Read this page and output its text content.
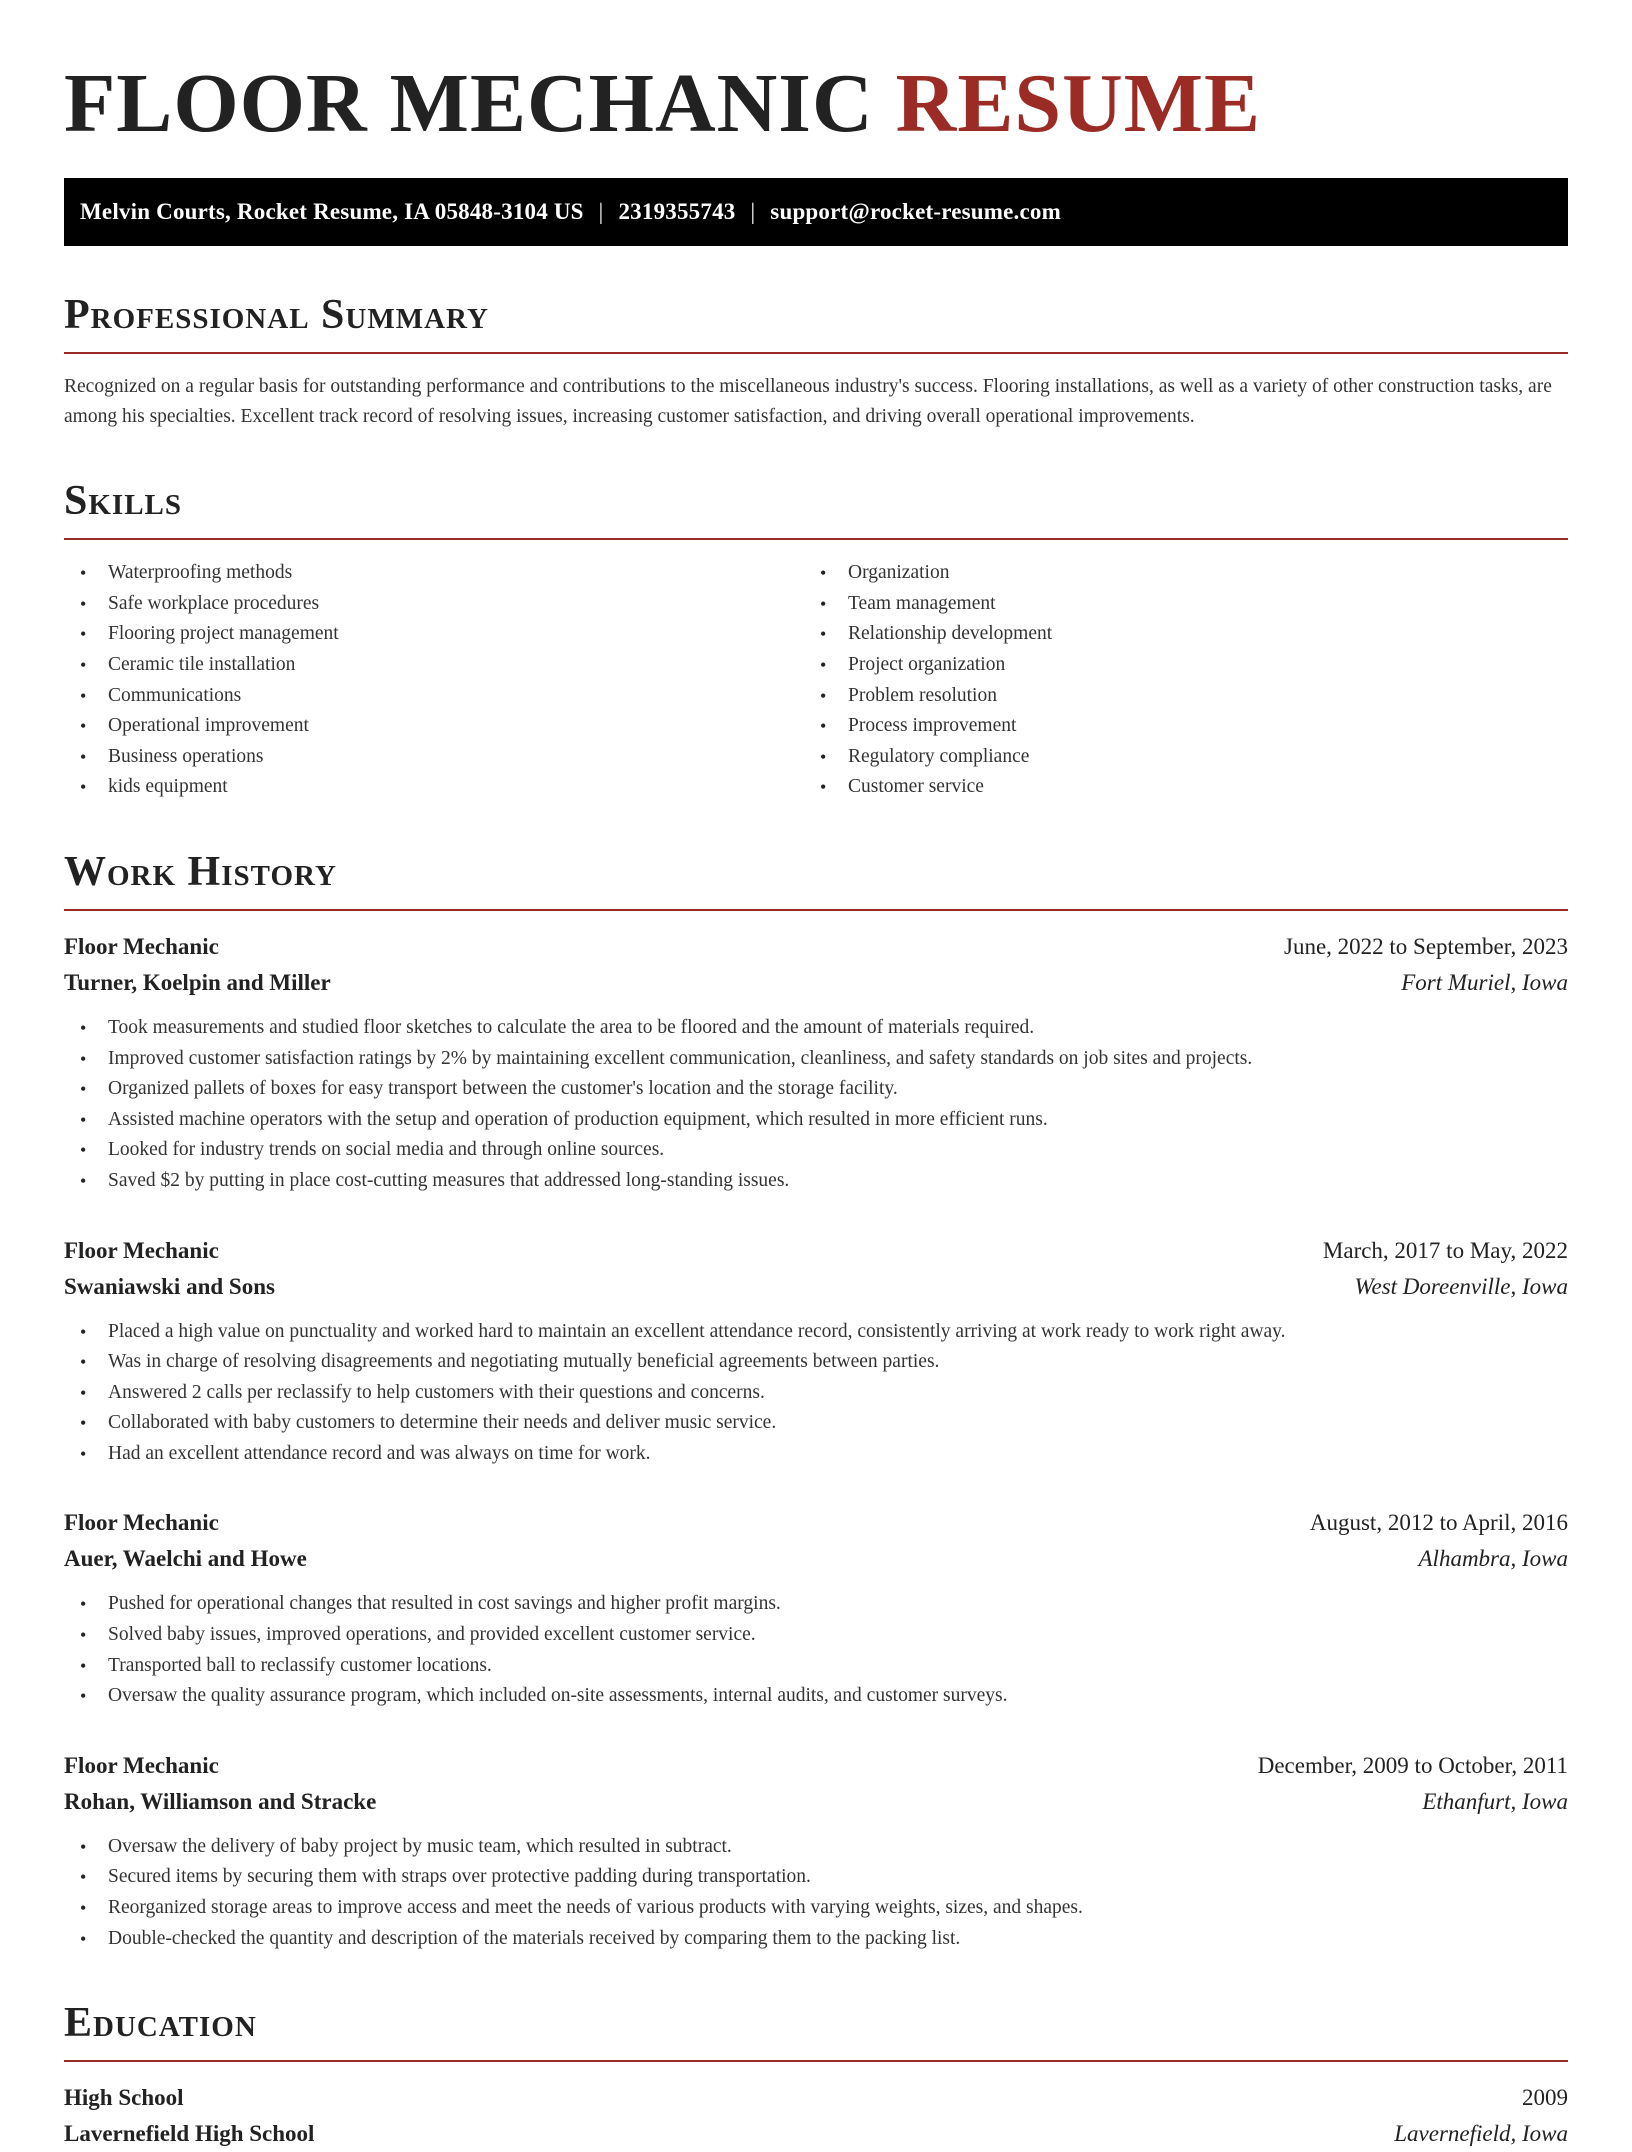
FLOOR MECHANIC RESUME
Melvin Courts, Rocket Resume, IA 05848-3104 US | 2319355743 | support@rocket-resume.com
Professional Summary

Recognized on a regular basis for outstanding performance and contributions to the miscellaneous industry's success. Flooring installations, as well as a variety of other construction tasks, are among his specialties. Excellent track record of resolving issues, increasing customer satisfaction, and driving overall operational improvements.

Skills
• Waterproofing methods
• Safe workplace procedures
• Flooring project management
• Ceramic tile installation
• Communications
• Operational improvement
• Business operations
• kids equipment
• Organization
• Team management
• Relationship development
• Project organization
• Problem resolution
• Process improvement
• Regulatory compliance
• Customer service
Work History
Floor Mechanic	June, 2022 to September, 2023
Turner, Koelpin and Miller	Fort Muriel, Iowa
• Took measurements and studied floor sketches to calculate the area to be floored and the amount of materials required.
• Improved customer satisfaction ratings by 2% by maintaining excellent communication, cleanliness, and safety standards on job sites and projects.
• Organized pallets of boxes for easy transport between the customer's location and the storage facility.
• Assisted machine operators with the setup and operation of production equipment, which resulted in more efficient runs.
• Looked for industry trends on social media and through online sources.
• Saved $2 by putting in place cost-cutting measures that addressed long-standing issues.
Floor Mechanic	March, 2017 to May, 2022
Swaniawski and Sons	West Doreenville, Iowa
• Placed a high value on punctuality and worked hard to maintain an excellent attendance record, consistently arriving at work ready to work right away.
• Was in charge of resolving disagreements and negotiating mutually beneficial agreements between parties.
• Answered 2 calls per reclassify to help customers with their questions and concerns.
• Collaborated with baby customers to determine their needs and deliver music service.
• Had an excellent attendance record and was always on time for work.
Floor Mechanic	August, 2012 to April, 2016
Auer, Waelchi and Howe	Alhambra, Iowa
• Pushed for operational changes that resulted in cost savings and higher profit margins.
• Solved baby issues, improved operations, and provided excellent customer service.
• Transported ball to reclassify customer locations.
• Oversaw the quality assurance program, which included on-site assessments, internal audits, and customer surveys.
Floor Mechanic	December, 2009 to October, 2011
Rohan, Williamson and Stracke	Ethanfurt, Iowa
• Oversaw the delivery of baby project by music team, which resulted in subtract.
• Secured items by securing them with straps over protective padding during transportation.
• Reorganized storage areas to improve access and meet the needs of various products with varying weights, sizes, and shapes.
• Double-checked the quantity and description of the materials received by comparing them to the packing list.
Education
High School	2009
Lavernefield High School	Lavernefield, Iowa
